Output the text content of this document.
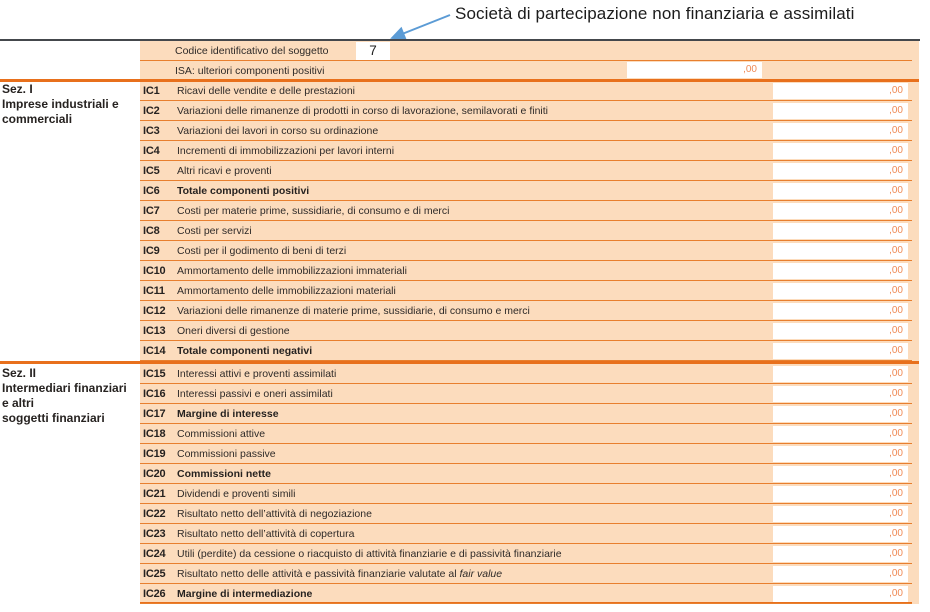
Società di partecipazione non finanziaria e assimilati
Codice identificativo del soggetto	7
ISA: ulteriori componenti positivi	,00
Sez. I
Imprese industriali e
commerciali
IC1 Ricavi delle vendite e delle prestazioni	,00
IC2 Variazioni delle rimanenze di prodotti in corso di lavorazione, semilavorati e finiti	,00
IC3 Variazioni dei lavori in corso su ordinazione	,00
IC4 Incrementi di immobilizzazioni per lavori interni	,00
IC5 Altri ricavi e proventi	,00
IC6 Totale componenti positivi	,00
IC7 Costi per materie prime, sussidiarie, di consumo e di merci	,00
IC8 Costi per servizi	,00
IC9 Costi per il godimento di beni di terzi	,00
IC10 Ammortamento delle immobilizzazioni immateriali	,00
IC11 Ammortamento delle immobilizzazioni materiali	,00
IC12 Variazioni delle rimanenze di materie prime, sussidiarie, di consumo e merci	,00
IC13 Oneri diversi di gestione	,00
IC14 Totale componenti negativi	,00
Sez. II
Intermediari finanziari
e altri
soggetti finanziari
IC15 Interessi attivi e proventi assimilati	,00
IC16 Interessi passivi e oneri assimilati	,00
IC17 Margine di interesse	,00
IC18 Commissioni attive	,00
IC19 Commissioni passive	,00
IC20 Commissioni nette	,00
IC21 Dividendi e proventi simili	,00
IC22 Risultato netto dell’attività di negoziazione	,00
IC23 Risultato netto dell’attività di copertura	,00
IC24 Utili (perdite) da cessione o riacquisto di attività finanziarie e di passività finanziarie	,00
IC25 Risultato netto delle attività e passività finanziarie valutate al fair value	,00
IC26 Margine di intermediazione	,00
